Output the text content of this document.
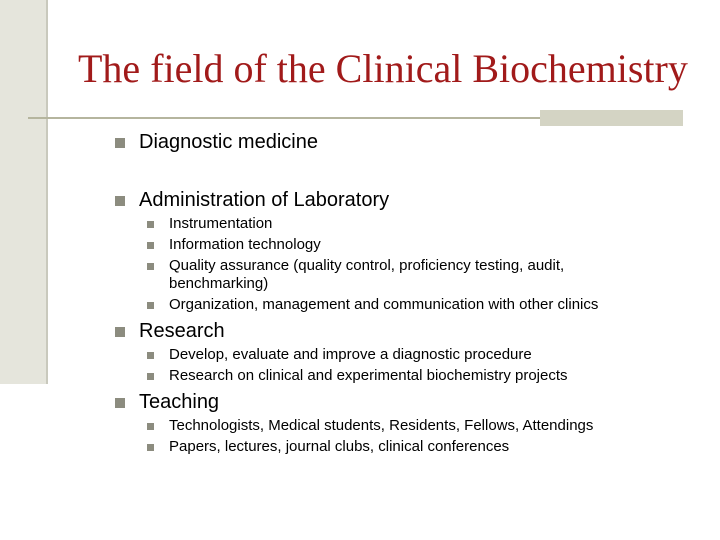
The field of the Clinical Biochemistry
Diagnostic medicine
Administration of Laboratory
Instrumentation
Information technology
Quality assurance (quality control, proficiency testing, audit, benchmarking)
Organization, management and communication with other clinics
Research
Develop, evaluate and improve a diagnostic procedure
Research on clinical and experimental biochemistry projects
Teaching
Technologists, Medical students, Residents, Fellows, Attendings
Papers, lectures, journal clubs, clinical conferences
